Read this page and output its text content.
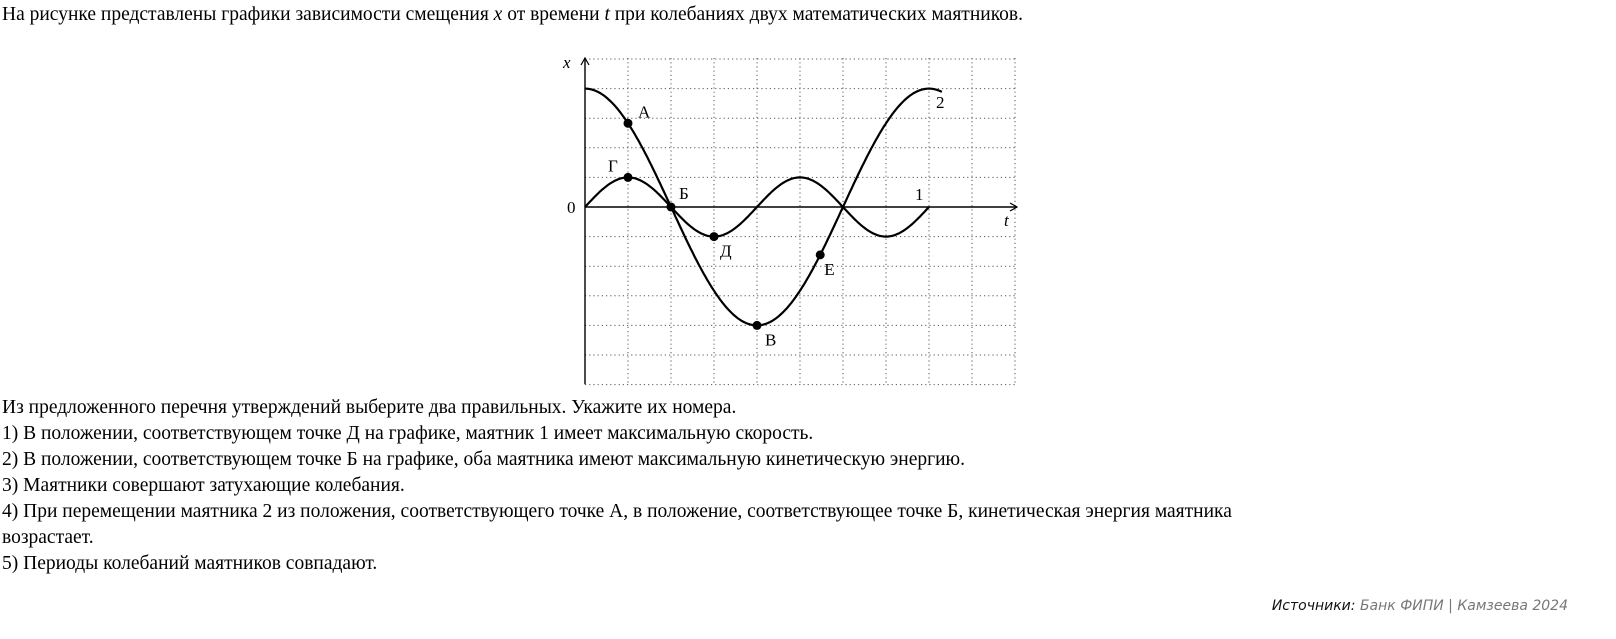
На рисунке представлены графики зависимости смещения x от времени t при колебаниях двух математических маятников.
А
Г
Б
Д
В
Е
x
t
0
1
2
Из предложенного перечня утверждений выберите два правильных. Укажите их номера.
1) В положении, соответствующем точке Д на графике, маятник 1 имеет максимальную скорость.
2) В положении, соответствующем точке Б на графике, оба маятника имеют максимальную кинетическую энергию.
3) Маятники совершают затухающие колебания.
4) При перемещении маятника 2 из положения, соответствующего точке А, в положение, соответствующее точке Б, кинетическая энергия маятника
возрастает.
5) Периоды колебаний маятников совпадают.
Источники: Банк ФИПИ | Камзеева 2024
